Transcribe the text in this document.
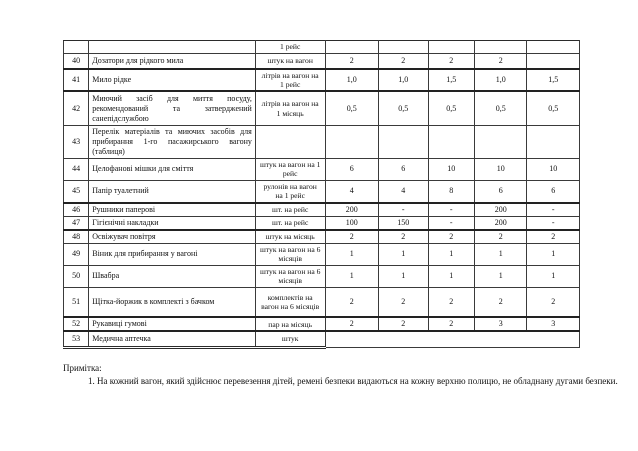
		1 рейс					
40	Дозатори для рідкого мила	штук на вагон	2	2	2	2	
41	Мило рідке	літрів на вагон на 1 рейс	1,0	1,0	1,5	1,0	1,5
42	Миючий засіб для миття посуду, рекомендований та затверджений санепідслужбою	літрів на вагон на 1 місяць	0,5	0,5	0,5	0,5	0,5
43	Перелік матеріалів та миючих засобів для прибирання 1-го пасажирського вагону (таблиця)						
44	Целофанові мішки для сміття	штук на вагон на 1 рейс	6	6	10	10	10
45	Папір туалетний	рулонів на вагон на 1 рейс	4	4	8	6	6
46	Рушники паперові	шт. на рейс	200	-	-	200	-
47	Гігієнічні накладки	шт. на рейс	100	150	-	200	-
48	Освіжувач повітря	штук на місяць	2	2	2	2	2
49	Віник для прибирання у вагоні	штук на вагон на 6 місяців	1	1	1	1	1
50	Швабра	штук на вагон на 6 місяців	1	1	1	1	1
51	Щітка-йоржик в комплекті з бачком	комплектів на вагон на 6 місяців	2	2	2	2	2
52	Рукавиці гумові	пар на місяць	2	2	2	3	3
53	Медична аптечка	штук					

Примітка:

1. На кожний вагон, який здійснює перевезення дітей, ремені безпеки видаються на кожну верхню полицю, не обладнану дугами безпеки.
